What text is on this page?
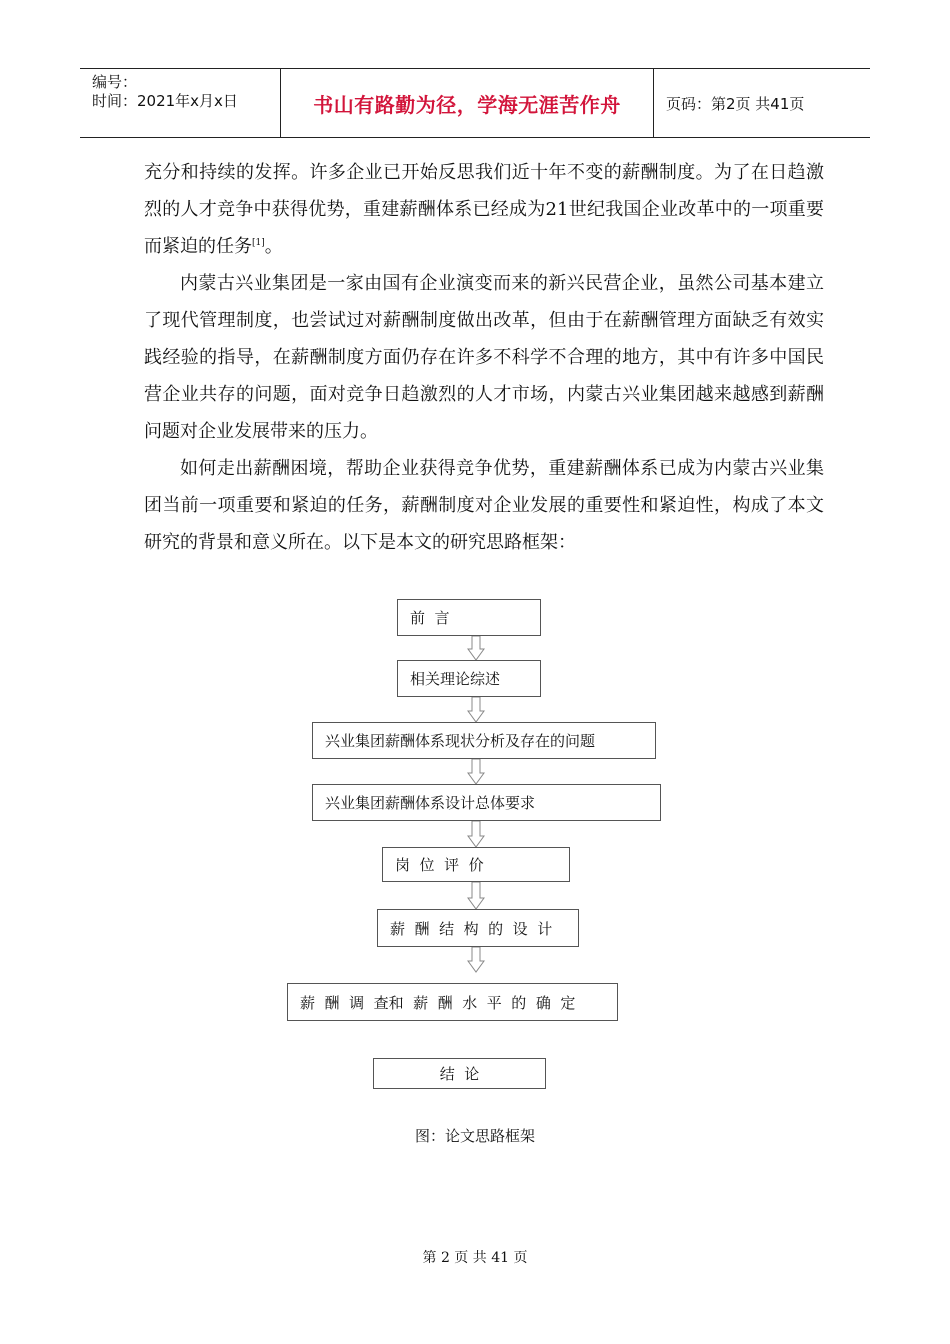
编号：
时间：2021年x月x日	书山有路勤为径，学海无涯苦作舟	页码：第2页 共41页

充分和持续的发挥。许多企业已开始反思我们近十年不变的薪酬制度。为了在日趋激烈的人才竞争中获得优势，重建薪酬体系已经成为21世纪我国企业改革中的一项重要而紧迫的任务[1]。

内蒙古兴业集团是一家由国有企业演变而来的新兴民营企业，虽然公司基本建立了现代管理制度，也尝试过对薪酬制度做出改革，但由于在薪酬管理方面缺乏有效实践经验的指导，在薪酬制度方面仍存在许多不科学不合理的地方，其中有许多中国民营企业共存的问题，面对竞争日趋激烈的人才市场，内蒙古兴业集团越来越感到薪酬问题对企业发展带来的压力。

如何走出薪酬困境，帮助企业获得竞争优势，重建薪酬体系已成为内蒙古兴业集团当前一项重要和紧迫的任务，薪酬制度对企业发展的重要性和紧迫性，构成了本文研究的背景和意义所在。以下是本文的研究思路框架：

前  言
相关理论综述
兴业集团薪酬体系现状分析及存在的问题
兴业集团薪酬体系设计总体要求
岗  位  评  价
薪  酬  结  构  的  设  计
薪  酬  调  查和  薪  酬  水  平  的  确  定
结  论
图：论文思路框架
第 2 页 共 41 页
